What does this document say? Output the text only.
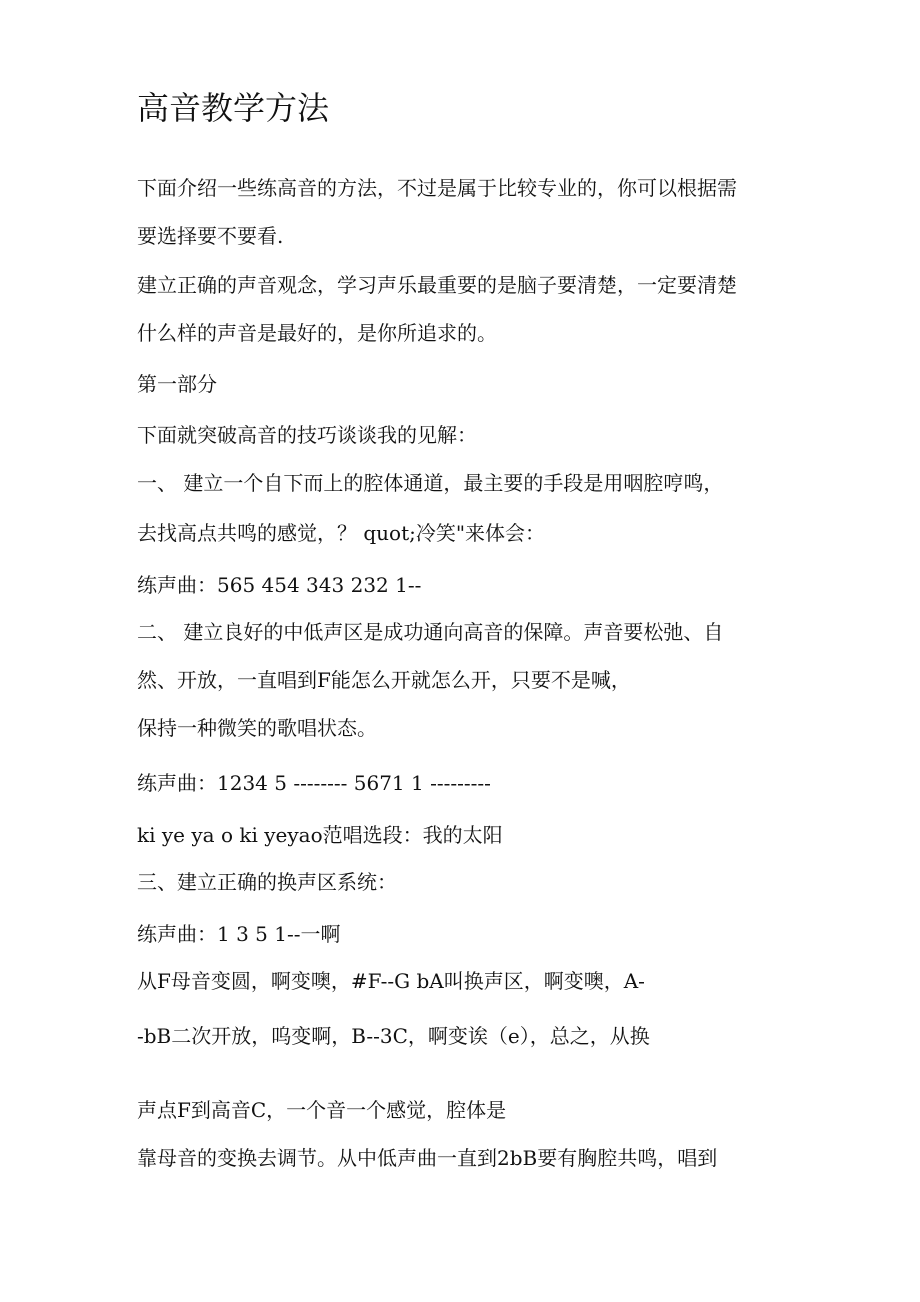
高音教学方法

下面介绍一些练高音的方法，不过是属于比较专业的，你可以根据需

要选择要不要看.

建立正确的声音观念，学习声乐最重要的是脑子要清楚，一定要清楚

什么样的声音是最好的，是你所追求的。

第一部分

下面就突破高音的技巧谈谈我的见解：

一、 建立一个自下而上的腔体通道，最主要的手段是用咽腔哼鸣，

去找高点共鸣的感觉，？ quot;冷笑"来体会：

练声曲：565 454 343 232 1--

二、 建立良好的中低声区是成功通向高音的保障。声音要松弛、自

然、开放，一直唱到F能怎么开就怎么开，只要不是喊，

保持一种微笑的歌唱状态。

练声曲：1234 5 -------- 5671 1 ---------

ki ye ya o ki yeyao范唱选段：我的太阳

三、建立正确的换声区系统：

练声曲：1 3 5 1--一啊

从F母音变圆，啊变噢，#F--G bA叫换声区，啊变噢，A-

-bB二次开放，呜变啊，B--3C，啊变诶（e），总之，从换

声点F到高音C，一个音一个感觉，腔体是

靠母音的变换去调节。从中低声曲一直到2bB要有胸腔共鸣，唱到
